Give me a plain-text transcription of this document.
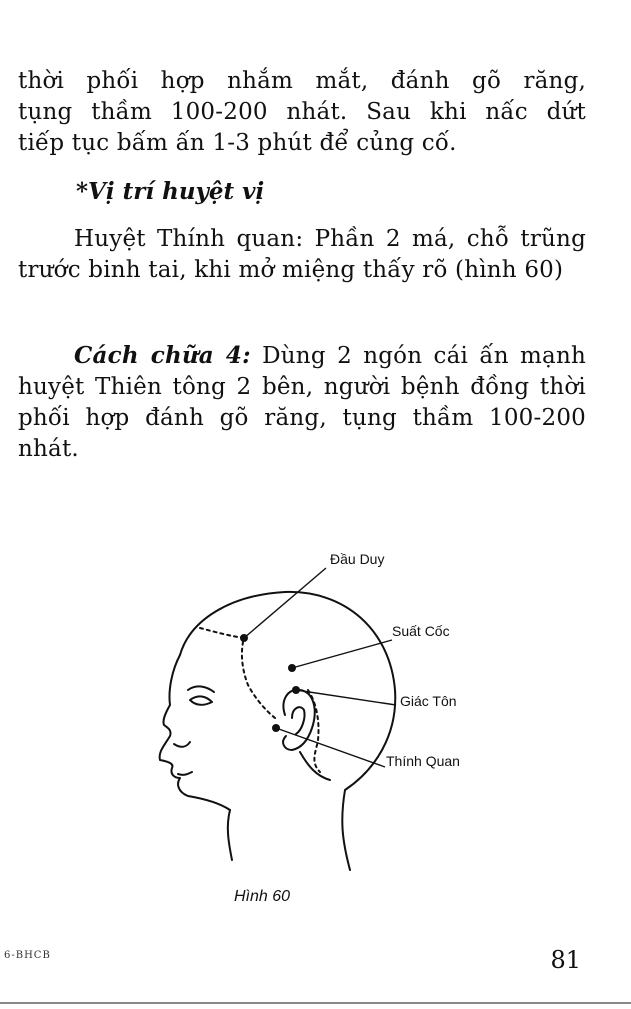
thời phối hợp nhắm mắt, đánh gõ răng,
tụng thầm 100-200 nhát. Sau khi nấc dứt
tiếp tục bấm ấn 1-3 phút để củng cố.
*Vị trí huyệt vị
Huyệt Thính quan: Phần 2 má, chỗ trũng trước binh tai, khi mở miệng thấy rõ (hình 60)
Cách chữa 4: Dùng 2 ngón cái ấn mạnh huyệt Thiên tông 2 bên, người bệnh đồng thời phối hợp đánh gõ răng, tụng thầm 100-200 nhát.
Đầu Duy
Suất Cốc
Giác Tôn
Thính Quan
Hình 60
6-BHCB	81
